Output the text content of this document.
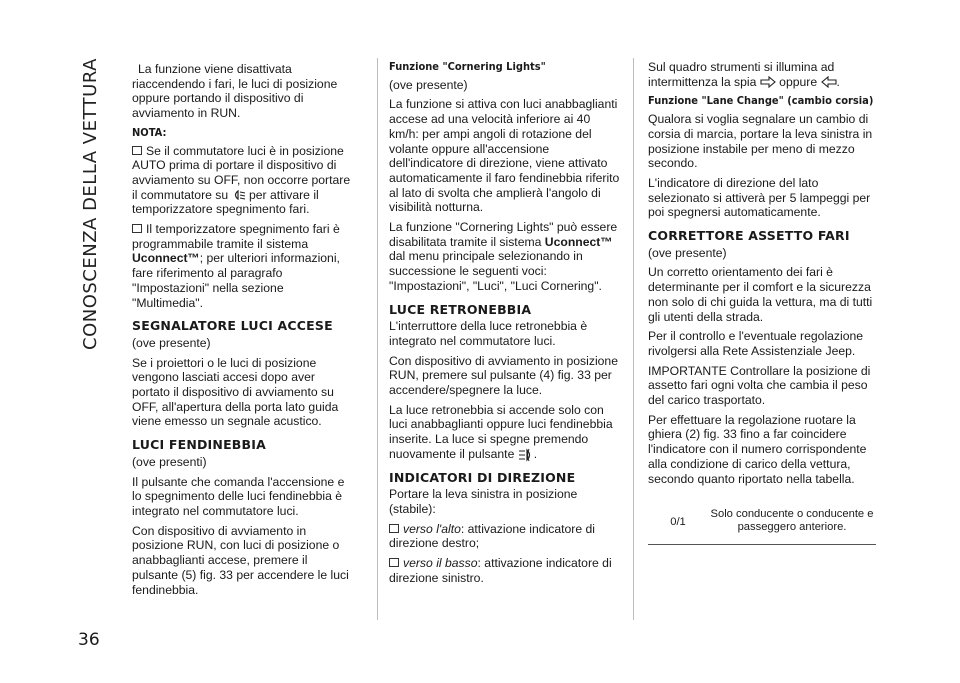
CONOSCENZA DELLA VETTURA
36

La funzione viene disattivata riaccendendo i fari, le luci di posizione oppure portando il dispositivo di avviamento in RUN.

NOTA:

Se il commutatore luci è in posizione AUTO prima di portare il dispositivo di avviamento su OFF, non occorre portare il commutatore su per attivare il temporizzatore spegnimento fari.

Il temporizzatore spegnimento fari è programmabile tramite il sistema Uconnect™; per ulteriori informazioni, fare riferimento al paragrafo "Impostazioni" nella sezione "Multimedia".

SEGNALATORE LUCI ACCESE

(ove presente)

Se i proiettori o le luci di posizione vengono lasciati accesi dopo aver portato il dispositivo di avviamento su OFF, all'apertura della porta lato guida viene emesso un segnale acustico.

LUCI FENDINEBBIA

(ove presenti)

Il pulsante che comanda l'accensione e lo spegnimento delle luci fendinebbia è integrato nel commutatore luci.

Con dispositivo di avviamento in posizione RUN, con luci di posizione o anabbaglianti accese, premere il pulsante (5) fig. 33 per accendere le luci fendinebbia.

Funzione "Cornering Lights"

(ove presente)

La funzione si attiva con luci anabbaglianti accese ad una velocità inferiore ai 40 km/h: per ampi angoli di rotazione del volante oppure all'accensione dell'indicatore di direzione, viene attivato automaticamente il faro fendinebbia riferito al lato di svolta che amplierà l'angolo di visibilità notturna.

La funzione "Cornering Lights" può essere disabilitata tramite il sistema Uconnect™ dal menu principale selezionando in successione le seguenti voci: "Impostazioni", "Luci", "Luci Cornering".

LUCE RETRONEBBIA

L'interruttore della luce retronebbia è integrato nel commutatore luci.

Con dispositivo di avviamento in posizione RUN, premere sul pulsante (4) fig. 33 per accendere/spegnere la luce.

La luce retronebbia si accende solo con luci anabbaglianti oppure luci fendinebbia inserite. La luce si spegne premendo nuovamente il pulsante .

INDICATORI DI DIREZIONE

Portare la leva sinistra in posizione (stabile):

verso l'alto: attivazione indicatore di direzione destro;

verso il basso: attivazione indicatore di direzione sinistro.

Sul quadro strumenti si illumina ad intermittenza la spia oppure .

Funzione "Lane Change" (cambio corsia)

Qualora si voglia segnalare un cambio di corsia di marcia, portare la leva sinistra in posizione instabile per meno di mezzo secondo.

L'indicatore di direzione del lato selezionato si attiverà per 5 lampeggi per poi spegnersi automaticamente.

CORRETTORE ASSETTO FARI

(ove presente)

Un corretto orientamento dei fari è determinante per il comfort e la sicurezza non solo di chi guida la vettura, ma di tutti gli utenti della strada.

Per il controllo e l'eventuale regolazione rivolgersi alla Rete Assistenziale Jeep.

IMPORTANTE Controllare la posizione di assetto fari ogni volta che cambia il peso del carico trasportato.

Per effettuare la regolazione ruotare la ghiera (2) fig. 33 fino a far coincidere l'indicatore con il numero corrispondente alla condizione di carico della vettura, secondo quanto riportato nella tabella.

0/1
Solo conducente o conducente e passeggero anteriore.
